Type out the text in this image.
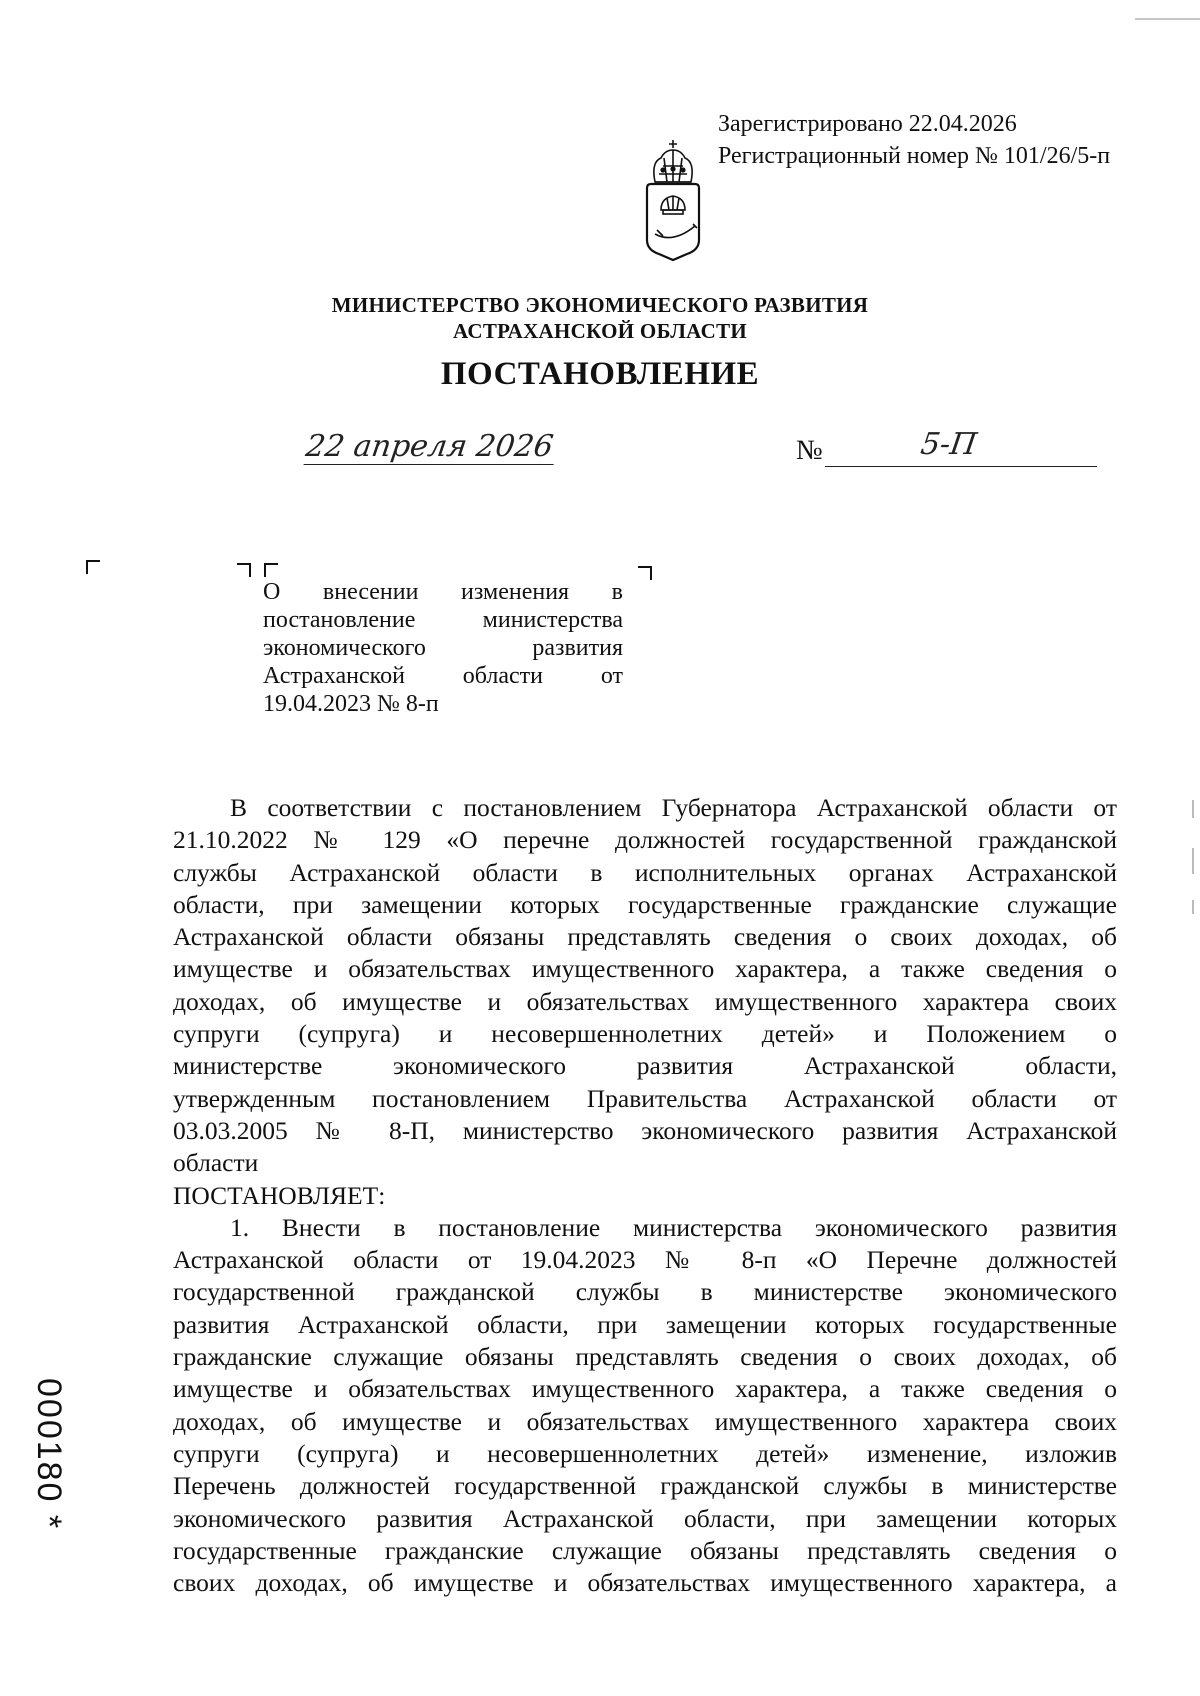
Зарегистрировано 22.04.2026
Регистрационный номер № 101/26/5-п
МИНИСТЕРСТВО ЭКОНОМИЧЕСКОГО РАЗВИТИЯ
АСТРАХАНСКОЙ ОБЛАСТИ
ПОСТАНОВЛЕНИЕ
22 апреля 2026	№	5-П
О внесении изменения в
постановление министерства
экономического развития
Астраханской области от
19.04.2023 № 8-п
В соответствии с постановлением Губернатора Астраханской области от
21.10.2022 № 129 «О перечне должностей государственной гражданской
службы Астраханской области в исполнительных органах Астраханской
области, при замещении которых государственные гражданские служащие
Астраханской области обязаны представлять сведения о своих доходах, об
имуществе и обязательствах имущественного характера, а также сведения о
доходах, об имуществе и обязательствах имущественного характера своих
супруги (супруга) и несовершеннолетних детей» и Положением о
министерстве экономического развития Астраханской области,
утвержденным постановлением Правительства Астраханской области от
03.03.2005 № 8-П, министерство экономического развития Астраханской
области
ПОСТАНОВЛЯЕТ:
1. Внести в постановление министерства экономического развития
Астраханской области от 19.04.2023 № 8-п «О Перечне должностей
государственной гражданской службы в министерстве экономического
развития Астраханской области, при замещении которых государственные
гражданские служащие обязаны представлять сведения о своих доходах, об
имуществе и обязательствах имущественного характера, а также сведения о
доходах, об имуществе и обязательствах имущественного характера своих
супруги (супруга) и несовершеннолетних детей» изменение, изложив
Перечень должностей государственной гражданской службы в министерстве
экономического развития Астраханской области, при замещении которых
государственные гражданские служащие обязаны представлять сведения о
своих доходах, об имуществе и обязательствах имущественного характера, а
000180 *
